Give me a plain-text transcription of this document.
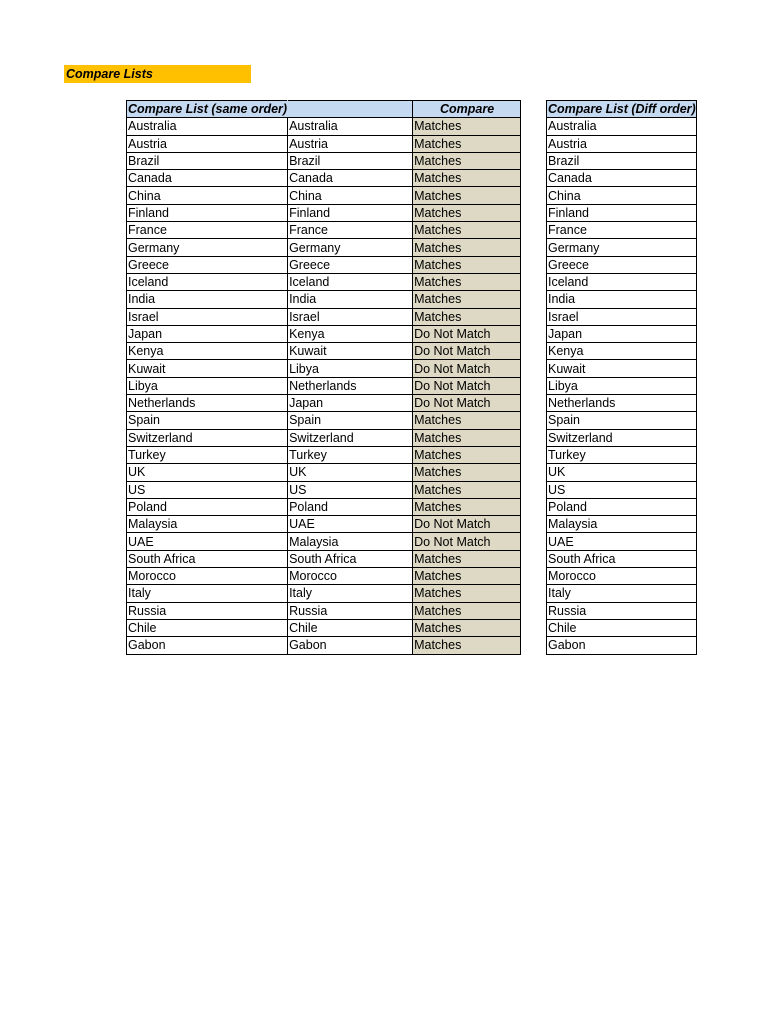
Compare Lists
Compare List (same order)		Compare
Australia	Australia	Matches
Austria	Austria	Matches
Brazil	Brazil	Matches
Canada	Canada	Matches
China	China	Matches
Finland	Finland	Matches
France	France	Matches
Germany	Germany	Matches
Greece	Greece	Matches
Iceland	Iceland	Matches
India	India	Matches
Israel	Israel	Matches
Japan	Kenya	Do Not Match
Kenya	Kuwait	Do Not Match
Kuwait	Libya	Do Not Match
Libya	Netherlands	Do Not Match
Netherlands	Japan	Do Not Match
Spain	Spain	Matches
Switzerland	Switzerland	Matches
Turkey	Turkey	Matches
UK	UK	Matches
US	US	Matches
Poland	Poland	Matches
Malaysia	UAE	Do Not Match
UAE	Malaysia	Do Not Match
South Africa	South Africa	Matches
Morocco	Morocco	Matches
Italy	Italy	Matches
Russia	Russia	Matches
Chile	Chile	Matches
Gabon	Gabon	Matches
Compare List (Diff order)
Australia
Austria
Brazil
Canada
China
Finland
France
Germany
Greece
Iceland
India
Israel
Japan
Kenya
Kuwait
Libya
Netherlands
Spain
Switzerland
Turkey
UK
US
Poland
Malaysia
UAE
South Africa
Morocco
Italy
Russia
Chile
Gabon
